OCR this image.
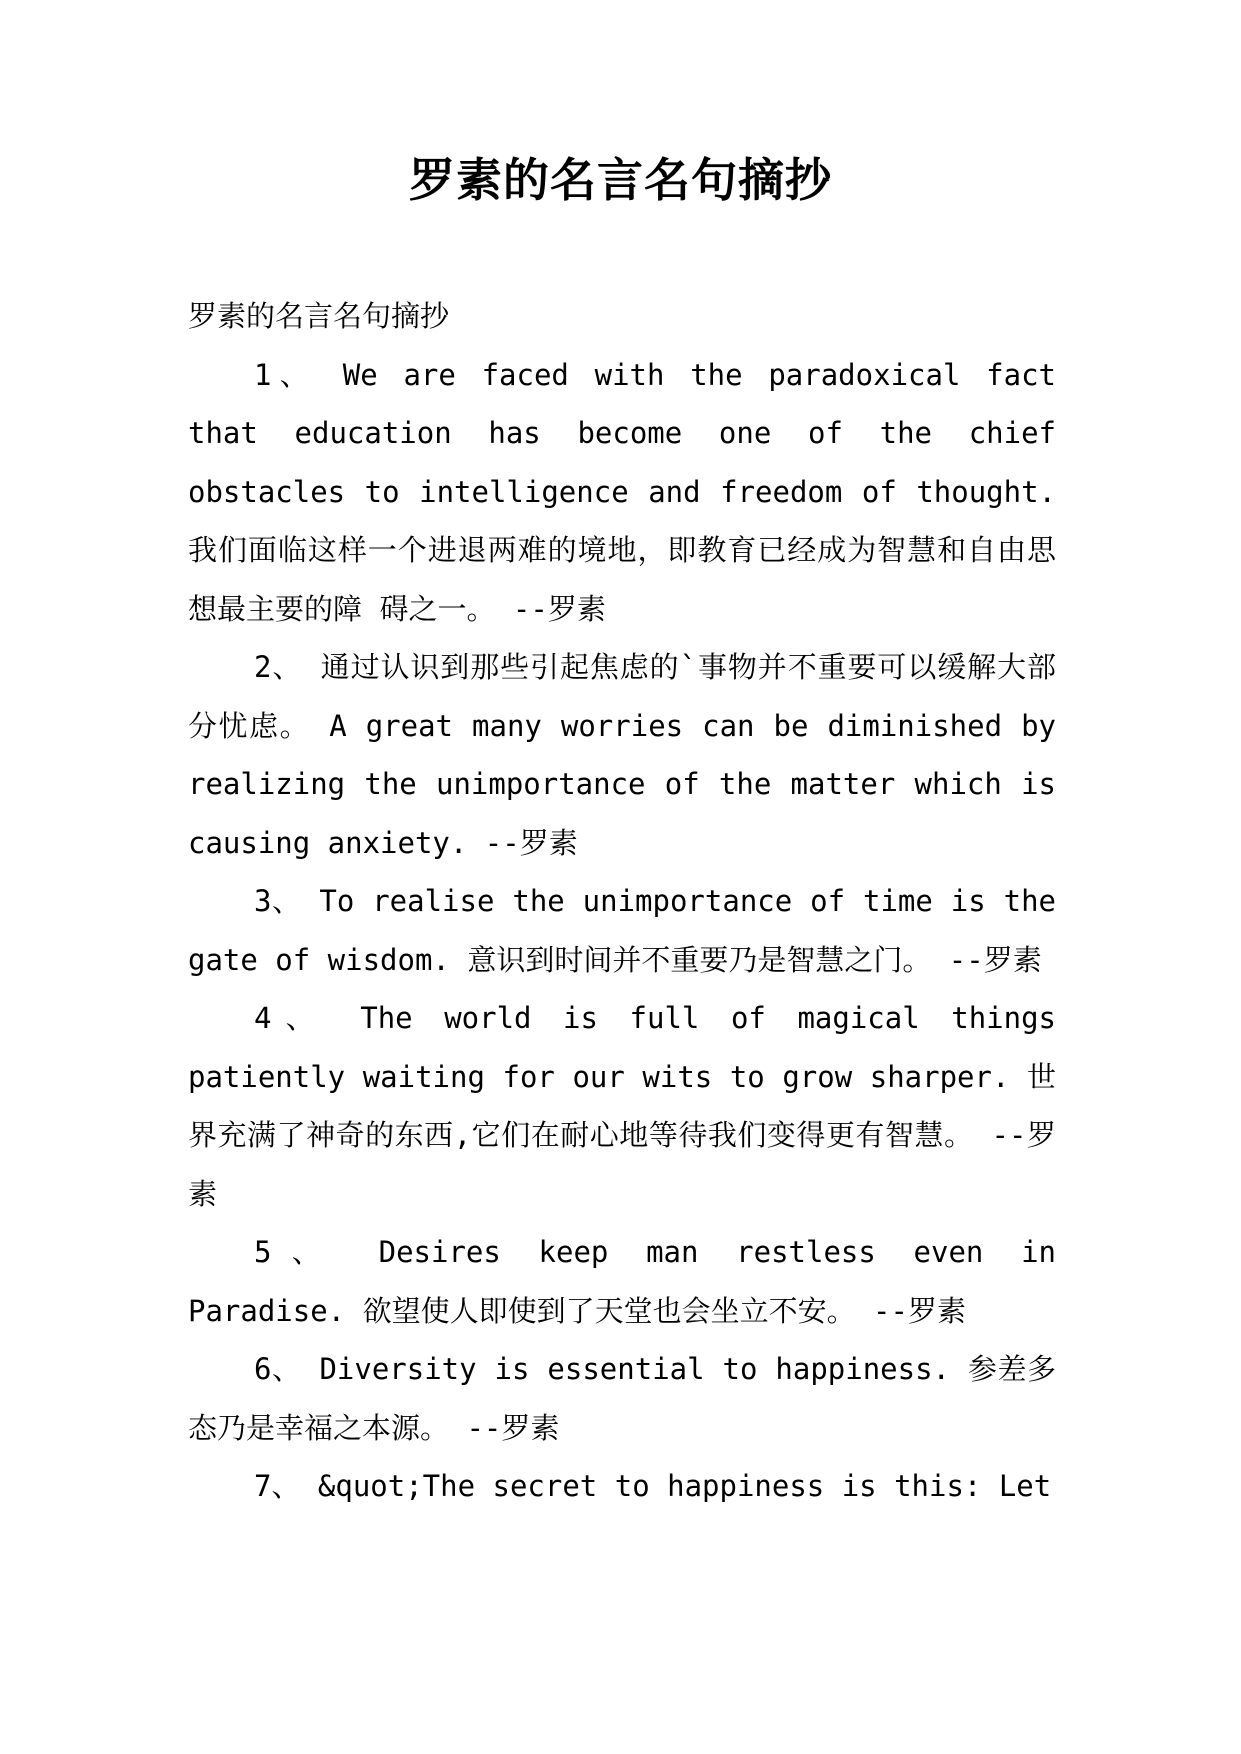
罗素的名言名句摘抄

罗素的名言名句摘抄

1、 We are faced with the paradoxical fact that education has become one of the chief obstacles to intelligence and freedom of thought. 我们面临这样一个进退两难的境地，即教育已经成为智慧和自由思想最主要的障 碍之一。 --罗素

2、 通过认识到那些引起焦虑的`事物并不重要可以缓解大部分忧虑。 A great many worries can be diminished by realizing the unimportance of the matter which is causing anxiety. --罗素

3、 To realise the unimportance of time is the gate of wisdom. 意识到时间并不重要乃是智慧之门。 --罗素

4、 The world is full of magical things patiently waiting for our wits to grow sharper. 世界充满了神奇的东西,它们在耐心地等待我们变得更有智慧。 --罗素

5、 Desires keep man restless even in Paradise. 欲望使人即使到了天堂也会坐立不安。 --罗素

6、 Diversity is essential to happiness. 参差多态乃是幸福之本源。 --罗素

7、 &quot;The secret to happiness is this: Let
